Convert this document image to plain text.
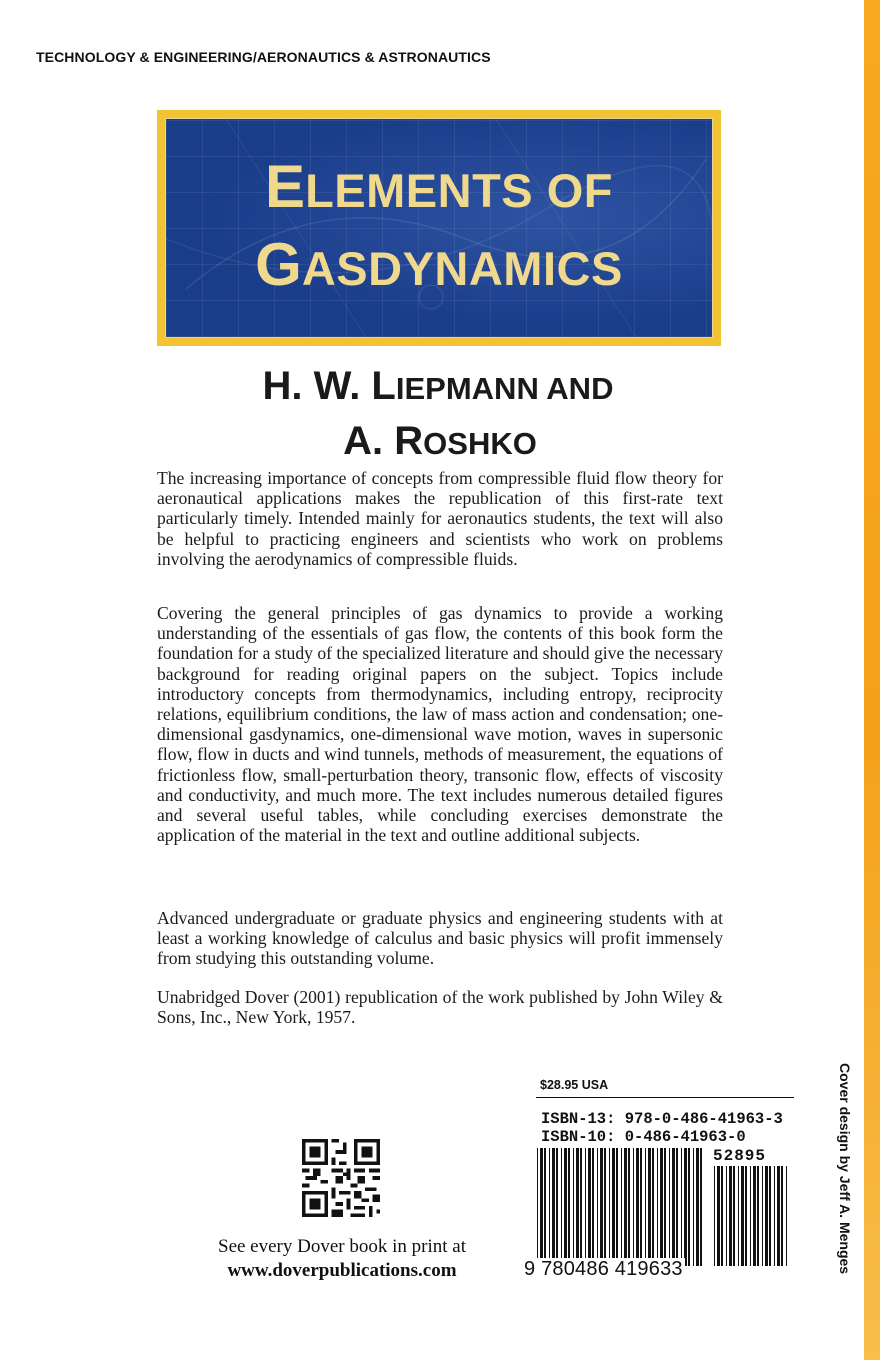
TECHNOLOGY & ENGINEERING/AERONAUTICS & ASTRONAUTICS
ELEMENTS OF
GASDYNAMICS
H. W. LIEPMANN AND
A. ROSHKO

The increasing importance of concepts from compressible fluid flow theory for aeronautical applications makes the republication of this first-rate text particularly timely. Intended mainly for aeronautics students, the text will also be helpful to practicing engineers and scientists who work on problems involving the aerodynamics of compressible fluids.

Covering the general principles of gas dynamics to provide a working understanding of the essentials of gas flow, the contents of this book form the foundation for a study of the specialized literature and should give the necessary background for reading original papers on the subject. Topics include introductory concepts from thermodynamics, including entropy, reciprocity relations, equilibrium conditions, the law of mass action and condensation; one-dimensional gasdynamics, one-dimensional wave motion, waves in supersonic flow, flow in ducts and wind tunnels, methods of measurement, the equations of frictionless flow, small-perturbation theory, transonic flow, effects of viscosity and conductivity, and much more. The text includes numerous detailed figures and several useful tables, while concluding exercises demonstrate the application of the material in the text and outline additional subjects.

Advanced undergraduate or graduate physics and engineering students with at least a working knowledge of calculus and basic physics will profit immensely from studying this outstanding volume.

Unabridged Dover (2001) republication of the work published by John Wiley & Sons, Inc., New York, 1957.

See every Dover book in print at
www.doverpublications.com
$28.95 USA
ISBN-13: 978-0-486-41963-3
ISBN-10: 0-486-41963-0
52895
9 780486 419633	Cover design by Jeff A. Menges
